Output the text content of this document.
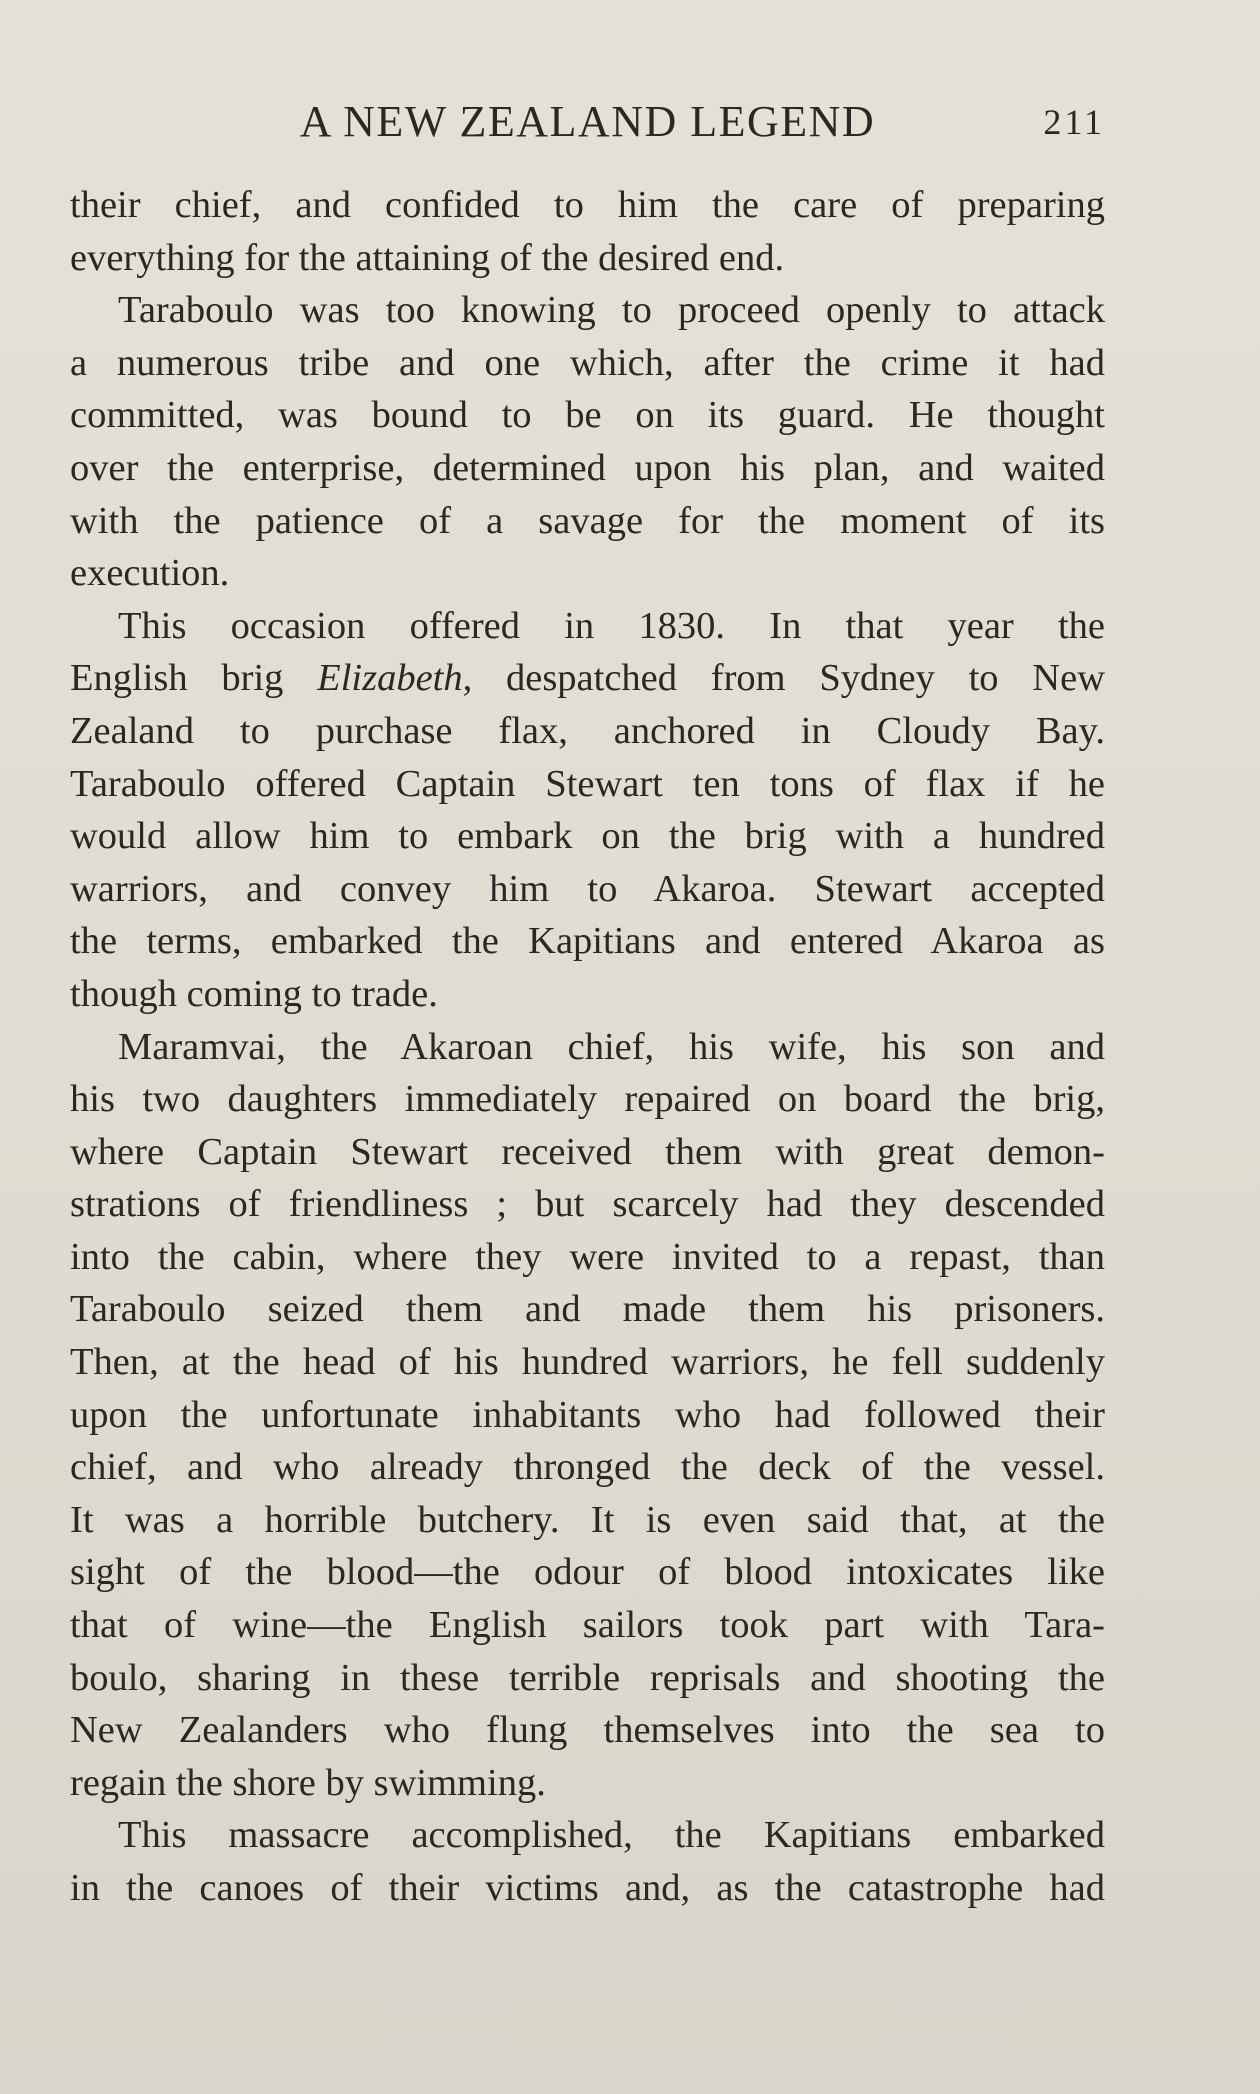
A NEW ZEALAND LEGEND	211
their chief, and confided to him the care of preparing
everything for the attaining of the desired end.
Taraboulo was too knowing to proceed openly to attack
a numerous tribe and one which, after the crime it had
committed, was bound to be on its guard. He thought
over the enterprise, determined upon his plan, and waited
with the patience of a savage for the moment of its
execution.
This occasion offered in 1830. In that year the
English brig Elizabeth, despatched from Sydney to New
Zealand to purchase flax, anchored in Cloudy Bay.
Taraboulo offered Captain Stewart ten tons of flax if he
would allow him to embark on the brig with a hundred
warriors, and convey him to Akaroa. Stewart accepted
the terms, embarked the Kapitians and entered Akaroa as
though coming to trade.
Maramvai, the Akaroan chief, his wife, his son and
his two daughters immediately repaired on board the brig,
where Captain Stewart received them with great demon-
strations of friendliness ; but scarcely had they descended
into the cabin, where they were invited to a repast, than
Taraboulo seized them and made them his prisoners.
Then, at the head of his hundred warriors, he fell suddenly
upon the unfortunate inhabitants who had followed their
chief, and who already thronged the deck of the vessel.
It was a horrible butchery. It is even said that, at the
sight of the blood—the odour of blood intoxicates like
that of wine—the English sailors took part with Tara-
boulo, sharing in these terrible reprisals and shooting the
New Zealanders who flung themselves into the sea to
regain the shore by swimming.
This massacre accomplished, the Kapitians embarked
in the canoes of their victims and, as the catastrophe had
